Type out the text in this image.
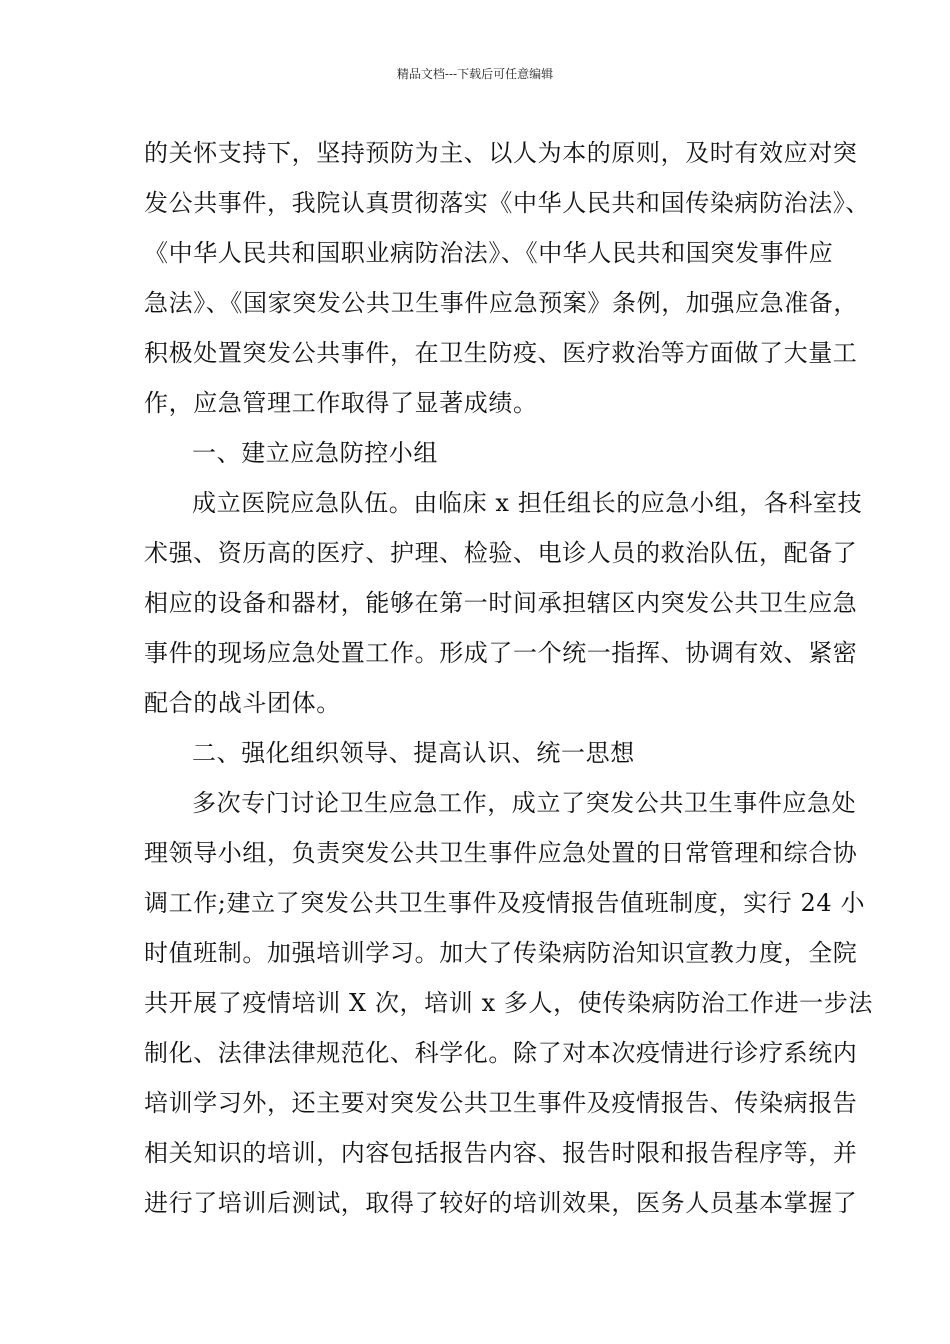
精品文档---下载后可任意编辑
的关怀支持下，坚持预防为主、以人为本的原则，及时有效应对突
发公共事件，我院认真贯彻落实《中华人民共和国传染病防治法》、
《中华人民共和国职业病防治法》、《中华人民共和国突发事件应
急法》、《国家突发公共卫生事件应急预案》条例，加强应急准备，
积极处置突发公共事件，在卫生防疫、医疗救治等方面做了大量工
作，应急管理工作取得了显著成绩。
一、建立应急防控小组
成立医院应急队伍。由临床 x 担任组长的应急小组，各科室技
术强、资历高的医疗、护理、检验、电诊人员的救治队伍，配备了
相应的设备和器材，能够在第一时间承担辖区内突发公共卫生应急
事件的现场应急处置工作。形成了一个统一指挥、协调有效、紧密
配合的战斗团体。
二、强化组织领导、提高认识、统一思想
多次专门讨论卫生应急工作，成立了突发公共卫生事件应急处
理领导小组，负责突发公共卫生事件应急处置的日常管理和综合协
调工作;建立了突发公共卫生事件及疫情报告值班制度，实行 24 小
时值班制。加强培训学习。加大了传染病防治知识宣教力度，全院
共开展了疫情培训 X 次，培训 x 多人，使传染病防治工作进一步法
制化、法律法律规范化、科学化。除了对本次疫情进行诊疗系统内
培训学习外，还主要对突发公共卫生事件及疫情报告、传染病报告
相关知识的培训，内容包括报告内容、报告时限和报告程序等，并
进行了培训后测试，取得了较好的培训效果，医务人员基本掌握了
